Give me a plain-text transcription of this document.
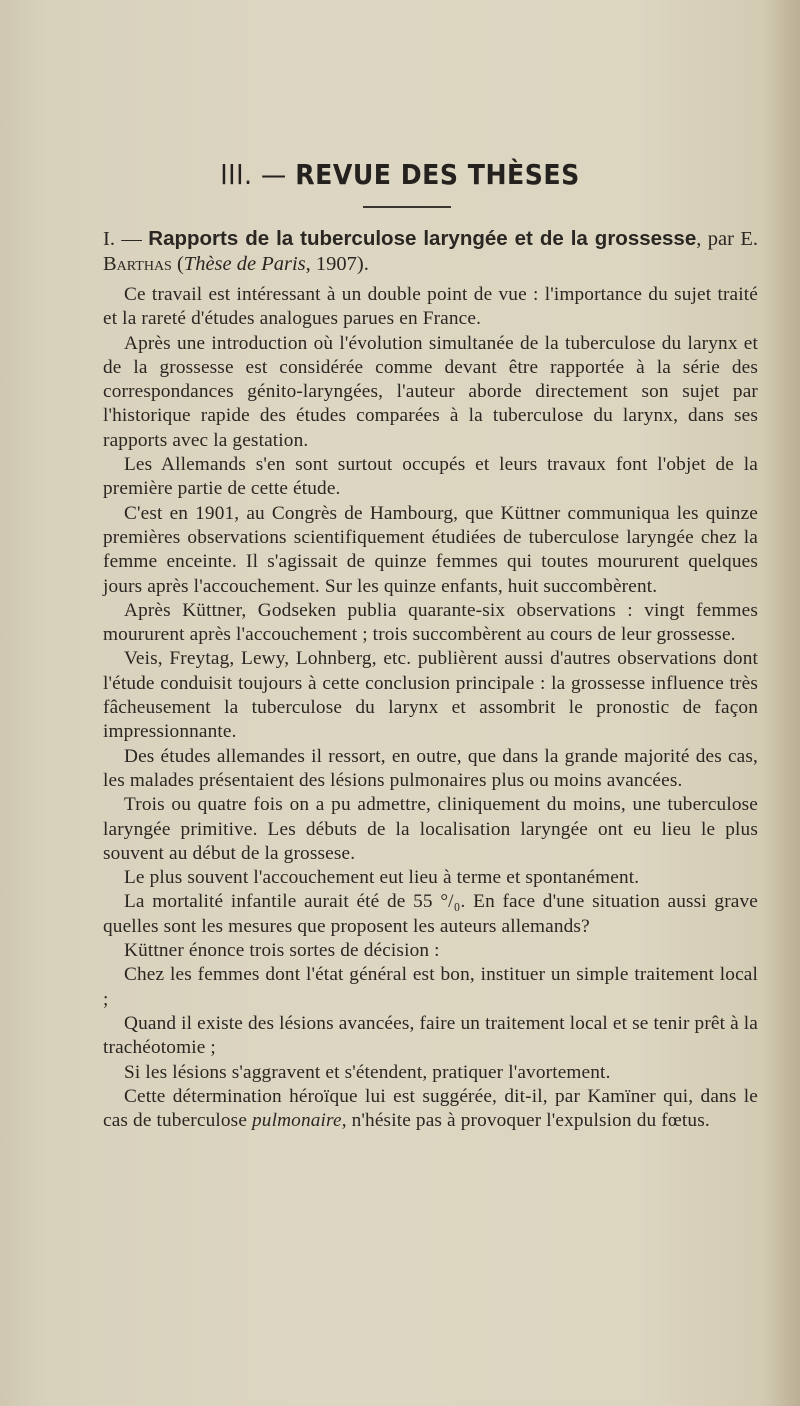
III. — REVUE DES THÈSES

I. — Rapports de la tuberculose laryngée et de la grossesse, par E. Barthas (Thèse de Paris, 1907).

Ce travail est intéressant à un double point de vue : l'importance du sujet traité et la rareté d'études analogues parues en France.

Après une introduction où l'évolution simultanée de la tuberculose du larynx et de la grossesse est considérée comme devant être rapportée à la série des correspondances génito-laryngées, l'auteur aborde directement son sujet par l'historique rapide des études comparées à la tuberculose du larynx, dans ses rapports avec la gestation.

Les Allemands s'en sont surtout occupés et leurs travaux font l'objet de la première partie de cette étude.

C'est en 1901, au Congrès de Hambourg, que Küttner communiqua les quinze premières observations scientifiquement étudiées de tuberculose laryngée chez la femme enceinte. Il s'agissait de quinze femmes qui toutes moururent quelques jours après l'accouchement. Sur les quinze enfants, huit succombèrent.

Après Küttner, Godseken publia quarante-six observations : vingt femmes moururent après l'accouchement ; trois succombèrent au cours de leur grossesse.

Veis, Freytag, Lewy, Lohnberg, etc. publièrent aussi d'autres observations dont l'étude conduisit toujours à cette conclusion principale : la grossesse influence très fâcheusement la tuberculose du larynx et assombrit le pronostic de façon impressionnante.

Des études allemandes il ressort, en outre, que dans la grande majorité des cas, les malades présentaient des lésions pulmonaires plus ou moins avancées.

Trois ou quatre fois on a pu admettre, cliniquement du moins, une tuberculose laryngée primitive. Les débuts de la localisation laryngée ont eu lieu le plus souvent au début de la grossese.

Le plus souvent l'accouchement eut lieu à terme et spontanément.

La mortalité infantile aurait été de 55 °/₀. En face d'une situation aussi grave quelles sont les mesures que proposent les auteurs allemands?

Küttner énonce trois sortes de décision :

Chez les femmes dont l'état général est bon, instituer un simple traitement local ;

Quand il existe des lésions avancées, faire un traitement local et se tenir prêt à la trachéotomie ;

Si les lésions s'aggravent et s'étendent, pratiquer l'avortement.

Cette détermination héroïque lui est suggérée, dit-il, par Kamïner qui, dans le cas de tuberculose pulmonaire, n'hésite pas à provoquer l'expulsion du fœtus.
